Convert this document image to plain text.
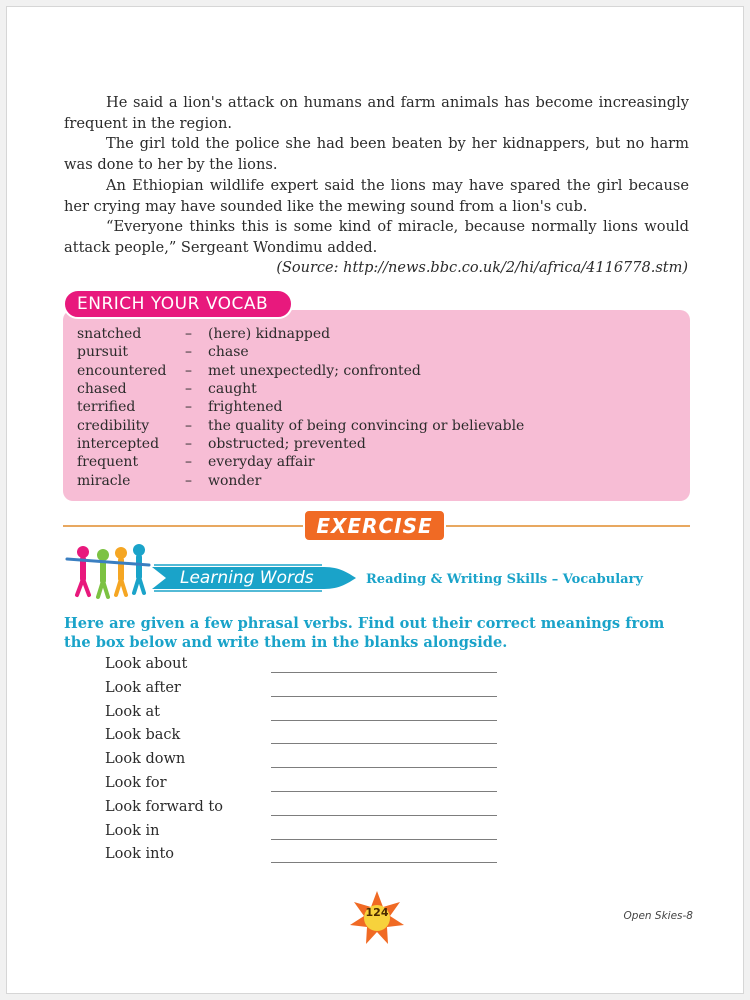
He said a lion's attack on humans and farm animals has become increasingly frequent in the region.

The girl told the police she had been beaten by her kidnappers, but no harm was done to her by the lions.

An Ethiopian wildlife expert said the lions may have spared the girl because her crying may have sounded like the mewing sound from a lion's cub.

“Everyone thinks this is some kind of miracle, because normally lions would attack people,” Sergeant Wondimu added.

(Source: http://news.bbc.co.uk/2/hi/africa/4116778.stm)
ENRICH YOUR VOCAB
snatched	–	(here) kidnapped
pursuit	–	chase
encountered	–	met unexpectedly; confronted
chased	–	caught
terrified	–	frightened
credibility	–	the quality of being convincing or believable
intercepted	–	obstructed; prevented
frequent	–	everyday affair
miracle	–	wonder
EXERCISE
Learning Words	Reading & Writing Skills – Vocabulary
Here are given a few phrasal verbs. Find out their correct meanings from the box below and write them in the blanks alongside.
Look about
Look after
Look at
Look back
Look down
Look for
Look forward to
Look in
Look into
124	Open Skies-8
